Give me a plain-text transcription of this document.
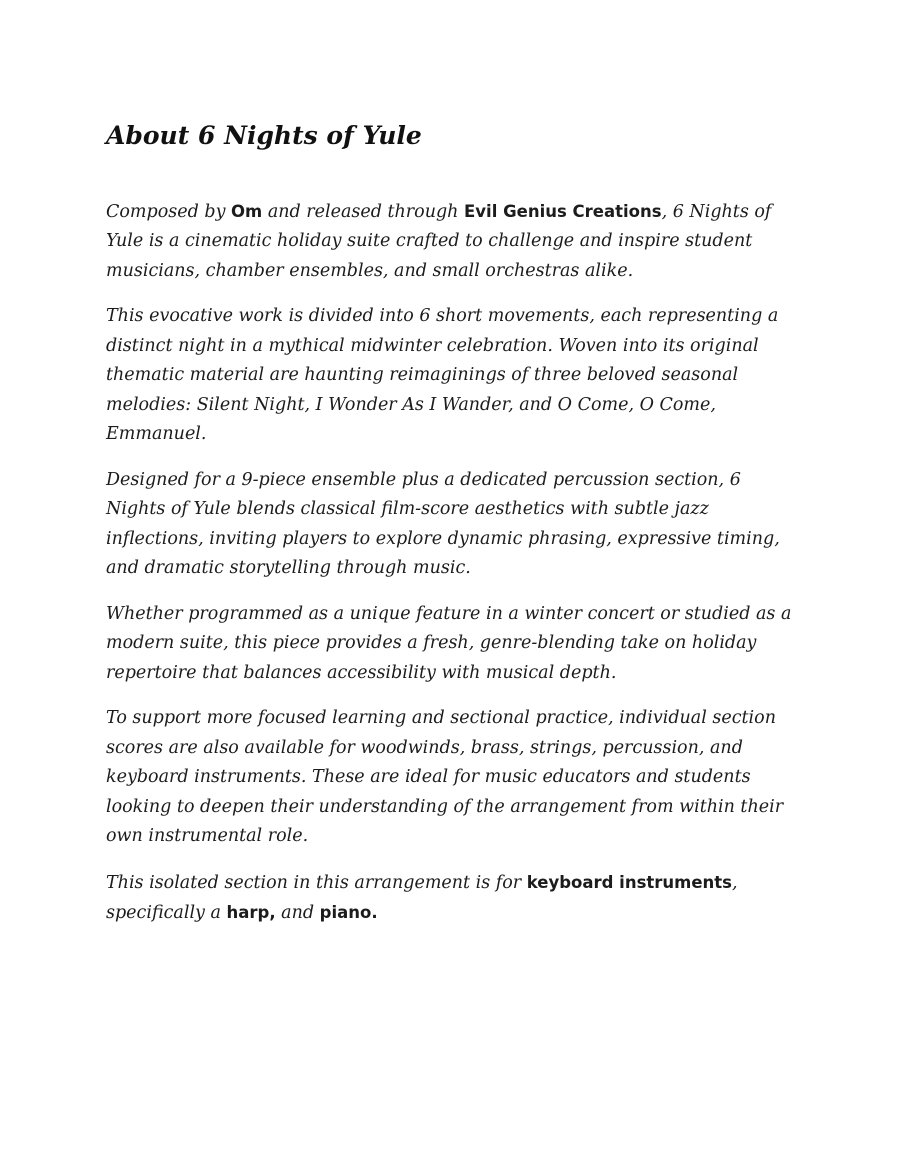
About 6 Nights of Yule

Composed by Om and released through Evil Genius Creations, 6 Nights of Yule is a cinematic holiday suite crafted to challenge and inspire student musicians, chamber ensembles, and small orchestras alike.

This evocative work is divided into 6 short movements, each representing a distinct night in a mythical midwinter celebration. Woven into its original thematic material are haunting reimaginings of three beloved seasonal melodies: Silent Night, I Wonder As I Wander, and O Come, O Come, Emmanuel.

Designed for a 9-piece ensemble plus a dedicated percussion section, 6 Nights of Yule blends classical film-score aesthetics with subtle jazz inflections, inviting players to explore dynamic phrasing, expressive timing, and dramatic storytelling through music.

Whether programmed as a unique feature in a winter concert or studied as a modern suite, this piece provides a fresh, genre-blending take on holiday repertoire that balances accessibility with musical depth.

To support more focused learning and sectional practice, individual section scores are also available for woodwinds, brass, strings, percussion, and keyboard instruments. These are ideal for music educators and students looking to deepen their understanding of the arrangement from within their own instrumental role.

This isolated section in this arrangement is for keyboard instruments, specifically a harp, and piano.
